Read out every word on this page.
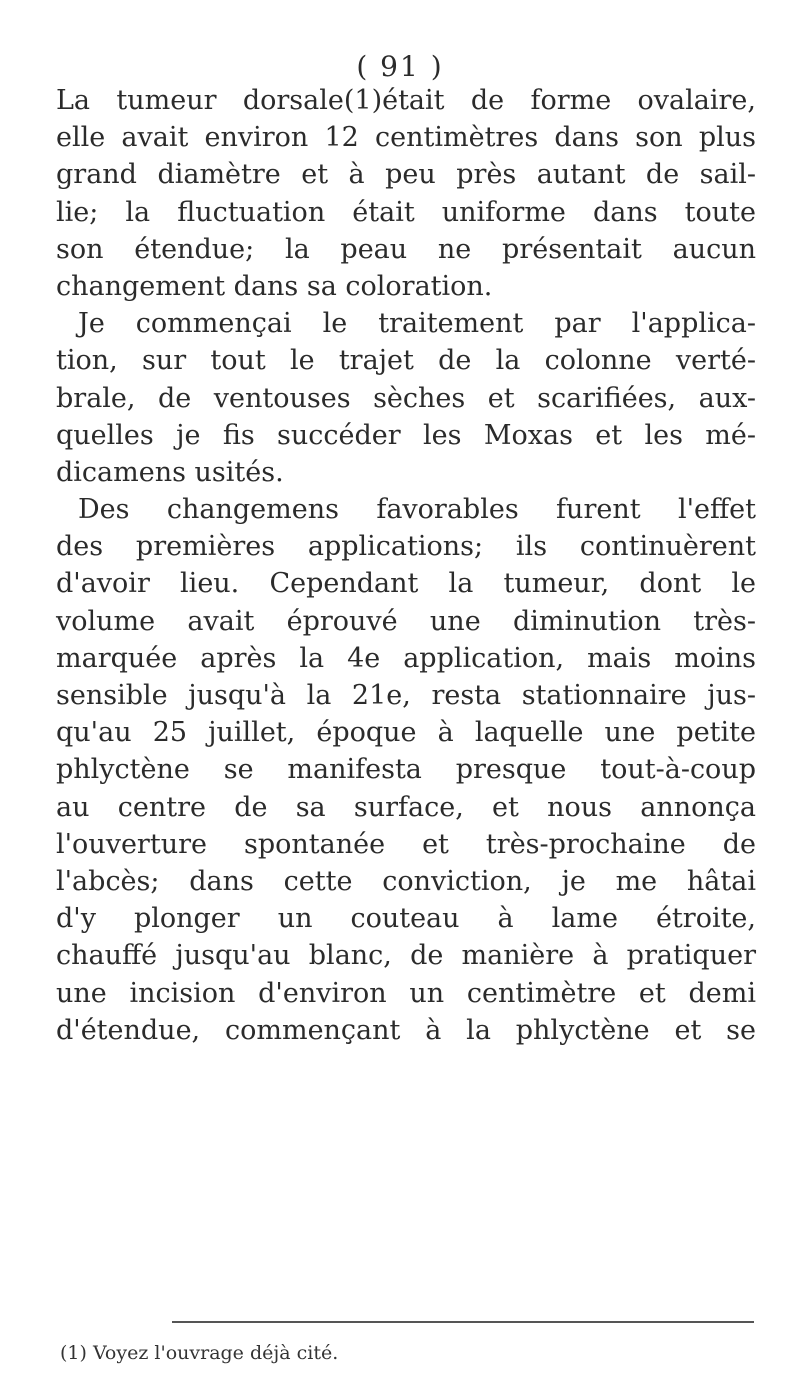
( 91 )
La tumeur dorsale(1)était de forme ovalaire,
elle avait environ 12 centimètres dans son plus
grand diamètre et à peu près autant de sail-
lie; la fluctuation était uniforme dans toute
son étendue; la peau ne présentait aucun
changement dans sa coloration.
Je commençai le traitement par l'applica-
tion, sur tout le trajet de la colonne verté-
brale, de ventouses sèches et scarifiées, aux-
quelles je fis succéder les Moxas et les mé-
dicamens usités.
Des changemens favorables furent l'effet
des premières applications; ils continuèrent
d'avoir lieu. Cependant la tumeur, dont le
volume avait éprouvé une diminution très-
marquée après la 4e application, mais moins
sensible jusqu'à la 21e, resta stationnaire jus-
qu'au 25 juillet, époque à laquelle une petite
phlyctène se manifesta presque tout-à-coup
au centre de sa surface, et nous annonça
l'ouverture spontanée et très-prochaine de
l'abcès; dans cette conviction, je me hâtai
d'y plonger un couteau à lame étroite,
chauffé jusqu'au blanc, de manière à pratiquer
une incision d'environ un centimètre et demi
d'étendue, commençant à la phlyctène et se
(1) Voyez l'ouvrage déjà cité.
